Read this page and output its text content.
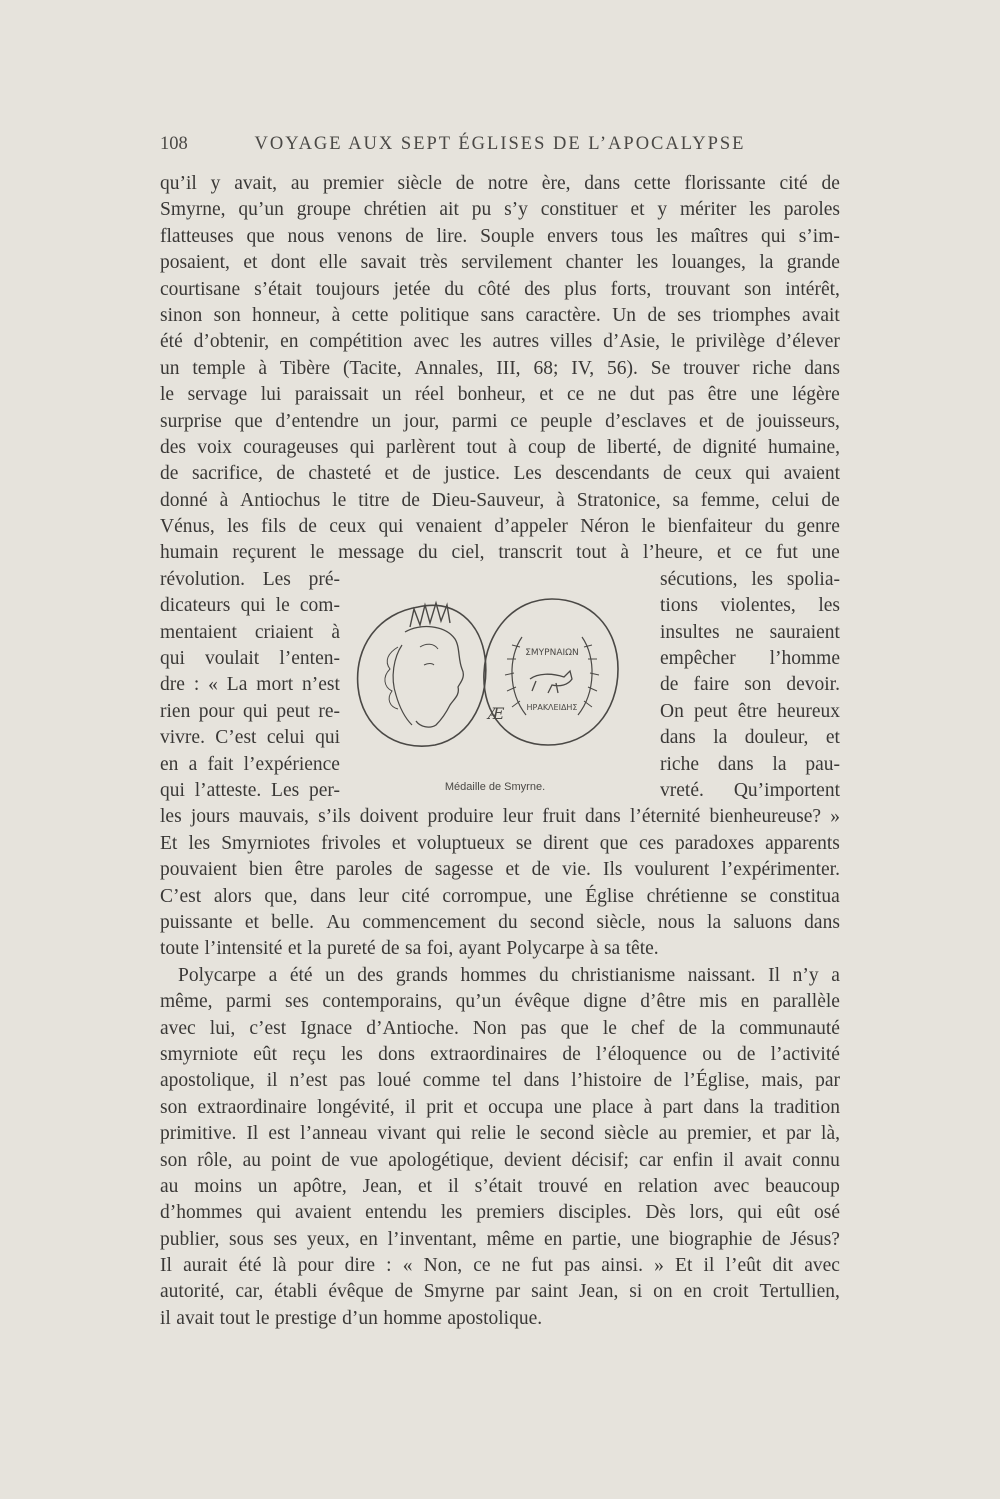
108	VOYAGE AUX SEPT ÉGLISES DE L’APOCALYPSE
qu’il y avait, au premier siècle de notre ère, dans cette florissante cité de
Smyrne, qu’un groupe chrétien ait pu s’y constituer et y mériter les paroles
flatteuses que nous venons de lire. Souple envers tous les maîtres qui s’im-
posaient, et dont elle savait très servilement chanter les louanges, la grande
courtisane s’était toujours jetée du côté des plus forts, trouvant son intérêt,
sinon son honneur, à cette politique sans caractère. Un de ses triomphes avait
été d’obtenir, en compétition avec les autres villes d’Asie, le privilège d’élever
un temple à Tibère (Tacite, Annales, III, 68; IV, 56). Se trouver riche dans
le servage lui paraissait un réel bonheur, et ce ne dut pas être une légère
surprise que d’entendre un jour, parmi ce peuple d’esclaves et de jouisseurs,
des voix courageuses qui parlèrent tout à coup de liberté, de dignité humaine,
de sacrifice, de chasteté et de justice. Les descendants de ceux qui avaient
donné à Antiochus le titre de Dieu-Sauveur, à Stratonice, sa femme, celui de
Vénus, les fils de ceux qui venaient d’appeler Néron le bienfaiteur du genre
humain reçurent le message du ciel, transcrit tout à l’heure, et ce fut une
révolution. Les pré-
dicateurs qui le com-
mentaient criaient à
qui voulait l’enten-
dre : « La mort n’est
rien pour qui peut re-
vivre. C’est celui qui
en a fait l’expérience
qui l’atteste. Les per-
sécutions, les spolia-
tions violentes, les
insultes ne sauraient
empêcher l’homme
de faire son devoir.
On peut être heureux
dans la douleur, et
riche dans la pau-
vreté. Qu’importent
ΣΜΥΡΝΑΙΩΝ
ΗΡΑΚΛΕΙΔΗΣ
Æ
Médaille de Smyrne.
les jours mauvais, s’ils doivent produire leur fruit dans l’éternité bienheureuse? »
Et les Smyrniotes frivoles et voluptueux se dirent que ces paradoxes apparents
pouvaient bien être paroles de sagesse et de vie. Ils voulurent l’expérimenter.
C’est alors que, dans leur cité corrompue, une Église chrétienne se constitua
puissante et belle. Au commencement du second siècle, nous la saluons dans
toute l’intensité et la pureté de sa foi, ayant Polycarpe à sa tête.
Polycarpe a été un des grands hommes du christianisme naissant. Il n’y a
même, parmi ses contemporains, qu’un évêque digne d’être mis en parallèle
avec lui, c’est Ignace d’Antioche. Non pas que le chef de la communauté
smyrniote eût reçu les dons extraordinaires de l’éloquence ou de l’activité
apostolique, il n’est pas loué comme tel dans l’histoire de l’Église, mais, par
son extraordinaire longévité, il prit et occupa une place à part dans la tradition
primitive. Il est l’anneau vivant qui relie le second siècle au premier, et par là,
son rôle, au point de vue apologétique, devient décisif; car enfin il avait connu
au moins un apôtre, Jean, et il s’était trouvé en relation avec beaucoup
d’hommes qui avaient entendu les premiers disciples. Dès lors, qui eût osé
publier, sous ses yeux, en l’inventant, même en partie, une biographie de Jésus?
Il aurait été là pour dire : « Non, ce ne fut pas ainsi. » Et il l’eût dit avec
autorité, car, établi évêque de Smyrne par saint Jean, si on en croit Tertullien,
il avait tout le prestige d’un homme apostolique.
